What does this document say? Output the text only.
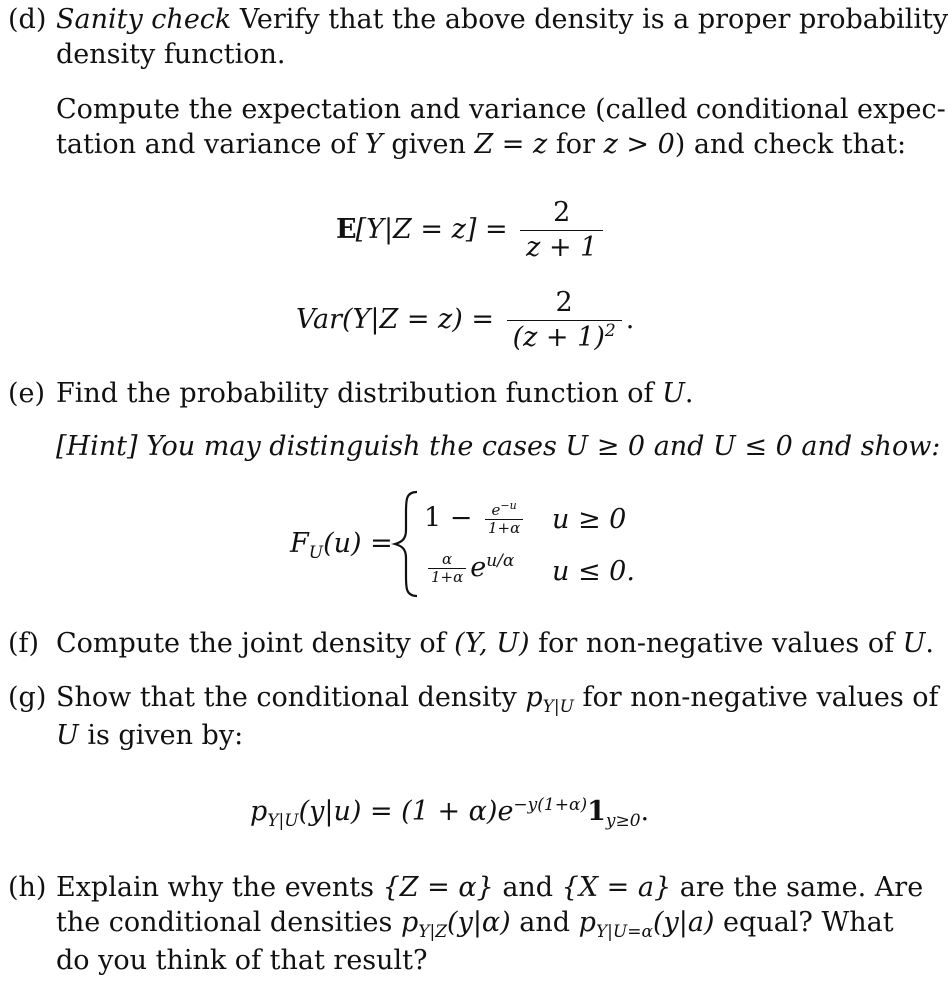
(d) Sanity check Verify that the above density is a proper probability
density function.
Compute the expectation and variance (called conditional expec-
tation and variance of Y given Z = z for z > 0) and check that:
$E[Y|Z = z] = \frac{2}{z + 1}$
$Var(Y|Z = z) = \frac{2}{(z + 1)^2}$ .
(e) Find the probability distribution function of U.
[Hint] You may distinguish the cases U ≥ 0 and U ≤ 0 and show:
$F_U(u)$ =
$1 - \frac{e^{-u}}{1+\alpha}$ u ≥ 0
$\frac{\alpha}{1+\alpha} e^{u/\alpha}$ u ≤ 0.
(f) Compute the joint density of (Y, U) for non-negative values of U.
(g) Show that the conditional density $p_{Y|U}$ for non-negative values of
U is given by:
$p_{Y|U}(y|u) = (1 + \alpha)e^{-y(1+\alpha)}1_{y\ge 0}$.
(h) Explain why the events {Z = α} and {X = a} are the same. Are
the conditional densities $p_{Y|Z}(y|\alpha)$ and $p_{Y|U=\alpha}(y|a)$ equal? What
do you think of that result?
